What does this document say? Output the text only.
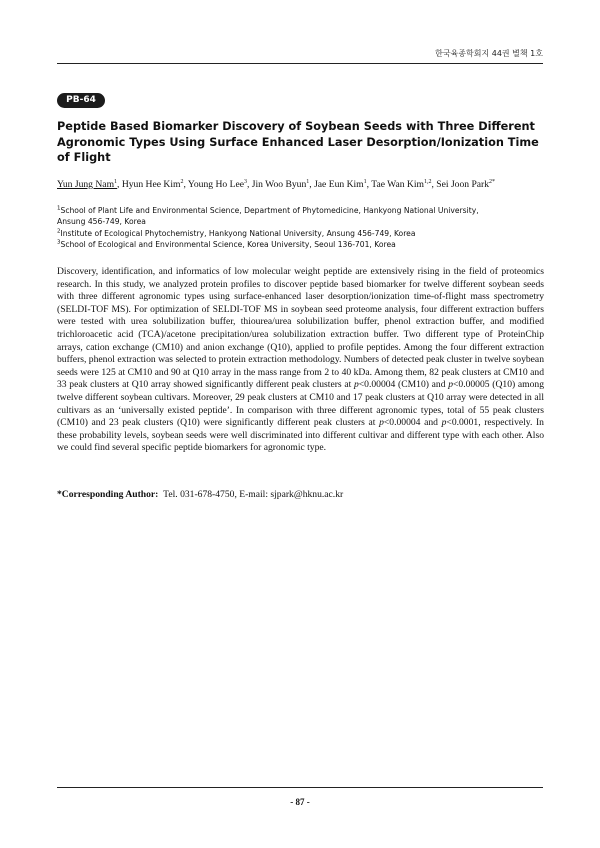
한국육종학회지 44권 별책 1호
PB-64
Peptide Based Biomarker Discovery of Soybean Seeds with Three Different Agronomic Types Using Surface Enhanced Laser Desorption/Ionization Time of Flight
Yun Jung Nam$^1$, Hyun Hee Kim$^2$, Young Ho Lee$^3$, Jin Woo Byun$^1$, Jae Eun Kim$^1$, Tae Wan Kim$^{1,2}$, Sei Joon Park$^{2*}$
$^1$School of Plant Life and Environmental Science, Department of Phytomedicine, Hankyong National University,
Ansung 456-749, Korea
$^2$Institute of Ecological Phytochemistry, Hankyong National University, Ansung 456-749, Korea
$^3$School of Ecological and Environmental Science, Korea University, Seoul 136-701, Korea

Discovery, identification, and informatics of low molecular weight peptide are extensively rising in the field of proteomics research. In this study, we analyzed protein profiles to discover peptide based biomarker for twelve different soybean seeds with three different agronomic types using surface-enhanced laser desorption/ionization time-of-flight mass spectrometry (SELDI-TOF MS). For optimization of SELDI-TOF MS in soybean seed proteome analysis, four different extraction buffers were tested with urea solubilization buffer, thiourea/urea solubilization buffer, phenol extraction buffer, and modified trichloroacetic acid (TCA)/acetone precipitation/urea solubilization extraction buffer. Two different type of ProteinChip arrays, cation exchange (CM10) and anion exchange (Q10), applied to profile peptides. Among the four different extraction buffers, phenol extraction was selected to protein extraction methodology. Numbers of detected peak cluster in twelve soybean seeds were 125 at CM10 and 90 at Q10 array in the mass range from 2 to 40 kDa. Among them, 82 peak clusters at CM10 and 33 peak clusters at Q10 array showed significantly different peak clusters at p<0.00004 (CM10) and p<0.00005 (Q10) among twelve different soybean cultivars. Moreover, 29 peak clusters at CM10 and 17 peak clusters at Q10 array were detected in all cultivars as an ‘universally existed peptide’. In comparison with three different agronomic types, total of 55 peak clusters (CM10) and 23 peak clusters (Q10) were significantly different peak clusters at p<0.00004 and p<0.0001, respectively. In these probability levels, soybean seeds were well discriminated into different cultivar and different type with each other. Also we could find several specific peptide biomarkers for agronomic type.

*Corresponding Author: Tel. 031-678-4750, E-mail: sjpark@hknu.ac.kr
- 87 -
